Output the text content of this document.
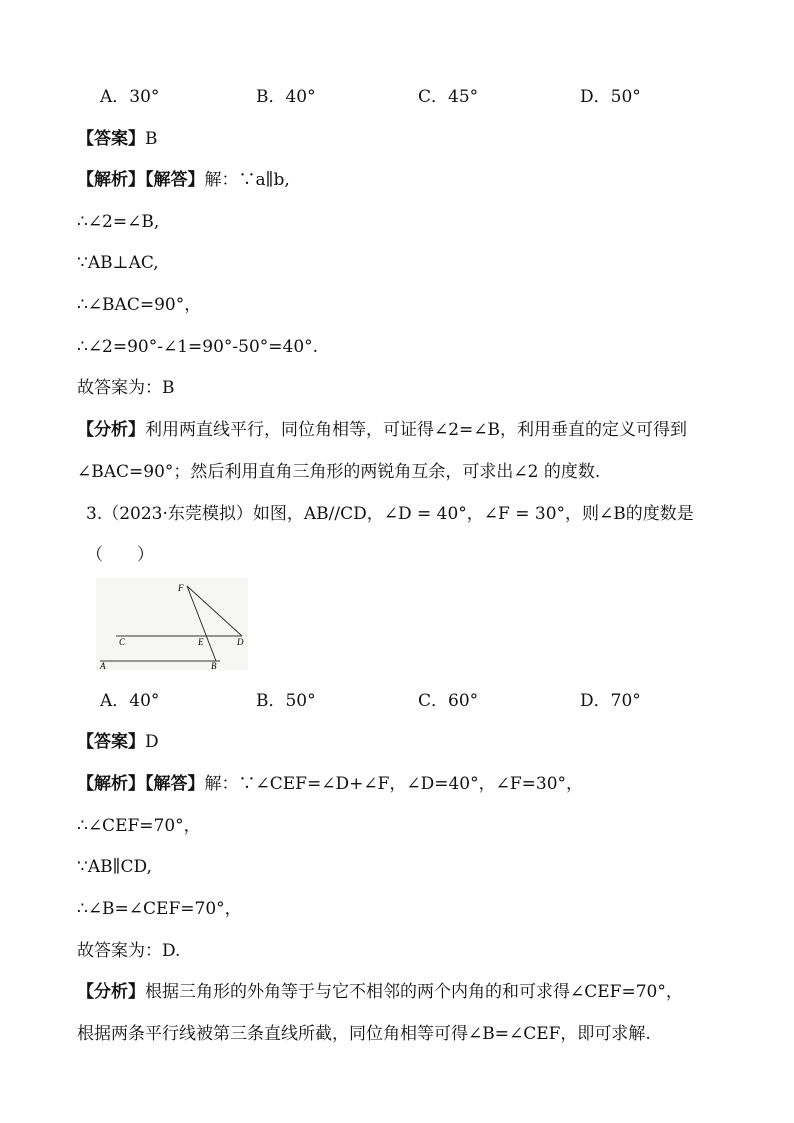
A．30°	B．40°	C．45°	D．50°
【答案】B
【解析】【解答】解：∵a∥b,
∴∠2=∠B,
∵AB⊥AC,
∴∠BAC=90°，
∴∠2=90°-∠1=90°-50°=40°.
故答案为：B
【分析】利用两直线平行，同位角相等，可证得∠2=∠B，利用垂直的定义可得到
∠BAC=90°；然后利用直角三角形的两锐角互余，可求出∠2 的度数.
3.（2023·东莞模拟）如图，AB//CD，∠D = 40°，∠F = 30°，则∠B的度数是
（　　）
F
C	E	D
A	B
A．40°	B．50°	C．60°	D．70°
【答案】D
【解析】【解答】解：∵∠CEF=∠D+∠F，∠D=40°，∠F=30°，
∴∠CEF=70°，
∵AB∥CD,
∴∠B=∠CEF=70°，
故答案为：D.
【分析】根据三角形的外角等于与它不相邻的两个内角的和可求得∠CEF=70°，
根据两条平行线被第三条直线所截，同位角相等可得∠B=∠CEF，即可求解.
